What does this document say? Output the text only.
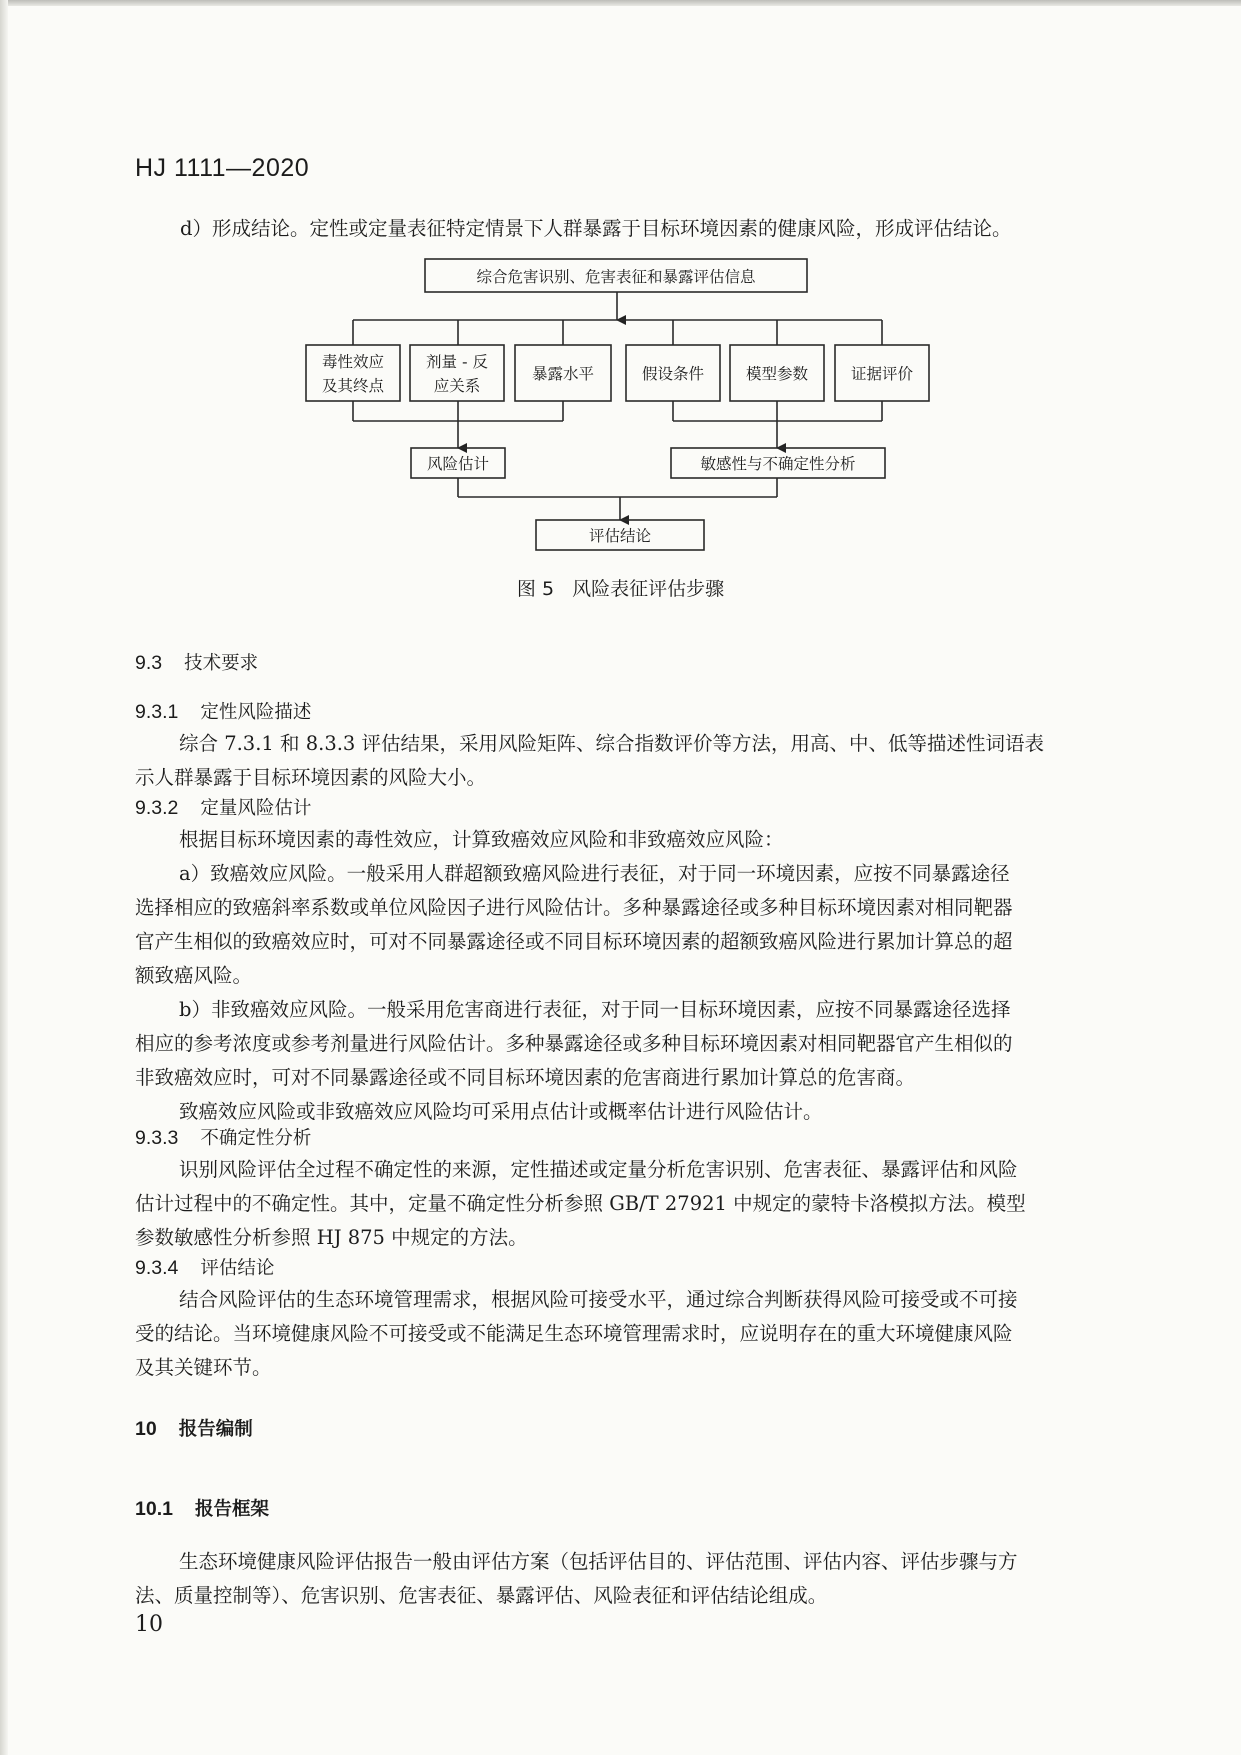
HJ 1111—2020

d）形成结论。定性或定量表征特定情景下人群暴露于目标环境因素的健康风险，形成评估结论。

综合危害识别、危害表征和暴露评估信息
毒性效应
及其终点
剂量 - 反
应关系
暴露水平	假设条件	模型参数	证据评价
风险估计	敏感性与不确定性分析
评估结论
图 5 风险表征评估步骤
9.3 技术要求
9.3.1 定性风险描述
综合 7.3.1 和 8.3.3 评估结果，采用风险矩阵、综合指数评价等方法，用高、中、低等描述性词语表
示人群暴露于目标环境因素的风险大小。
9.3.2 定量风险估计
根据目标环境因素的毒性效应，计算致癌效应风险和非致癌效应风险：
a）致癌效应风险。一般采用人群超额致癌风险进行表征，对于同一环境因素，应按不同暴露途径
选择相应的致癌斜率系数或单位风险因子进行风险估计。多种暴露途径或多种目标环境因素对相同靶器
官产生相似的致癌效应时，可对不同暴露途径或不同目标环境因素的超额致癌风险进行累加计算总的超
额致癌风险。
b）非致癌效应风险。一般采用危害商进行表征，对于同一目标环境因素，应按不同暴露途径选择
相应的参考浓度或参考剂量进行风险估计。多种暴露途径或多种目标环境因素对相同靶器官产生相似的
非致癌效应时，可对不同暴露途径或不同目标环境因素的危害商进行累加计算总的危害商。
致癌效应风险或非致癌效应风险均可采用点估计或概率估计进行风险估计。
9.3.3 不确定性分析
识别风险评估全过程不确定性的来源，定性描述或定量分析危害识别、危害表征、暴露评估和风险
估计过程中的不确定性。其中，定量不确定性分析参照 GB/T 27921 中规定的蒙特卡洛模拟方法。模型
参数敏感性分析参照 HJ 875 中规定的方法。
9.3.4 评估结论
结合风险评估的生态环境管理需求，根据风险可接受水平，通过综合判断获得风险可接受或不可接
受的结论。当环境健康风险不可接受或不能满足生态环境管理需求时，应说明存在的重大环境健康风险
及其关键环节。
10 报告编制
10.1 报告框架
生态环境健康风险评估报告一般由评估方案（包括评估目的、评估范围、评估内容、评估步骤与方
法、质量控制等）、危害识别、危害表征、暴露评估、风险表征和评估结论组成。
10
